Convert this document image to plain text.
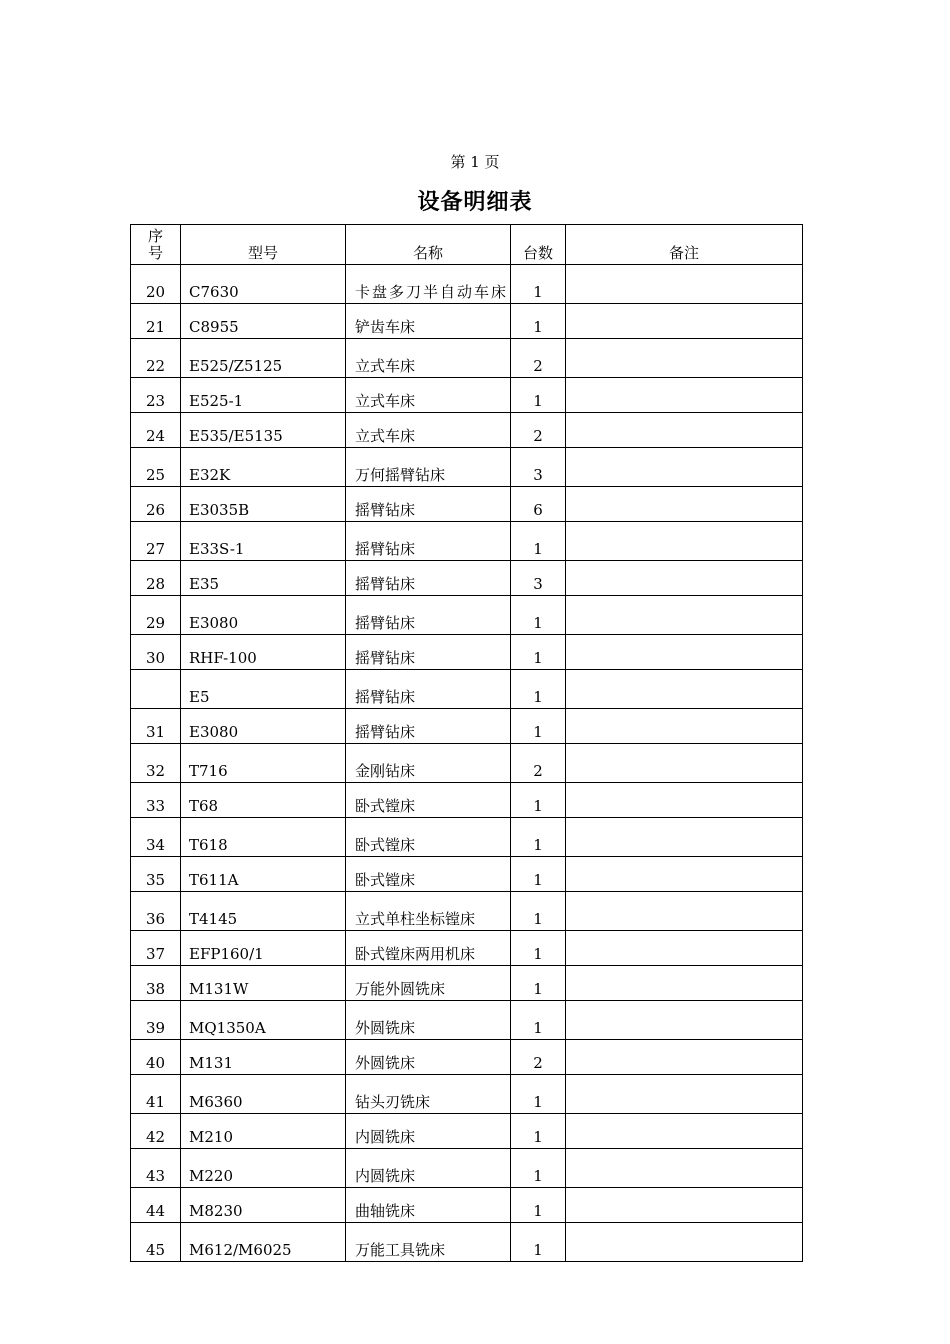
第 1 页
设备明细表
序
号	型号	名称	台数	备注
20	C7630	卡盘多刀半自动车床	1	
21	C8955	铲齿车床	1	
22	E525/Z5125	立式车床	2	
23	E525-1	立式车床	1	
24	E535/E5135	立式车床	2	
25	E32K	万何摇臂钻床	3	
26	E3035B	摇臂钻床	6	
27	E33S-1	摇臂钻床	1	
28	E35	摇臂钻床	3	
29	E3080	摇臂钻床	1	
30	RHF-100	摇臂钻床	1	
	E5	摇臂钻床	1	
31	E3080	摇臂钻床	1	
32	T716	金刚钻床	2	
33	T68	卧式镗床	1	
34	T618	卧式镗床	1	
35	T611A	卧式镗床	1	
36	T4145	立式单柱坐标镗床	1	
37	EFP160/1	卧式镗床两用机床	1	
38	M131W	万能外圆铣床	1	
39	MQ1350A	外圆铣床	1	
40	M131	外圆铣床	2	
41	M6360	钻头刃铣床	1	
42	M210	内圆铣床	1	
43	M220	内圆铣床	1	
44	M8230	曲轴铣床	1	
45	M612/M6025	万能工具铣床	1	
